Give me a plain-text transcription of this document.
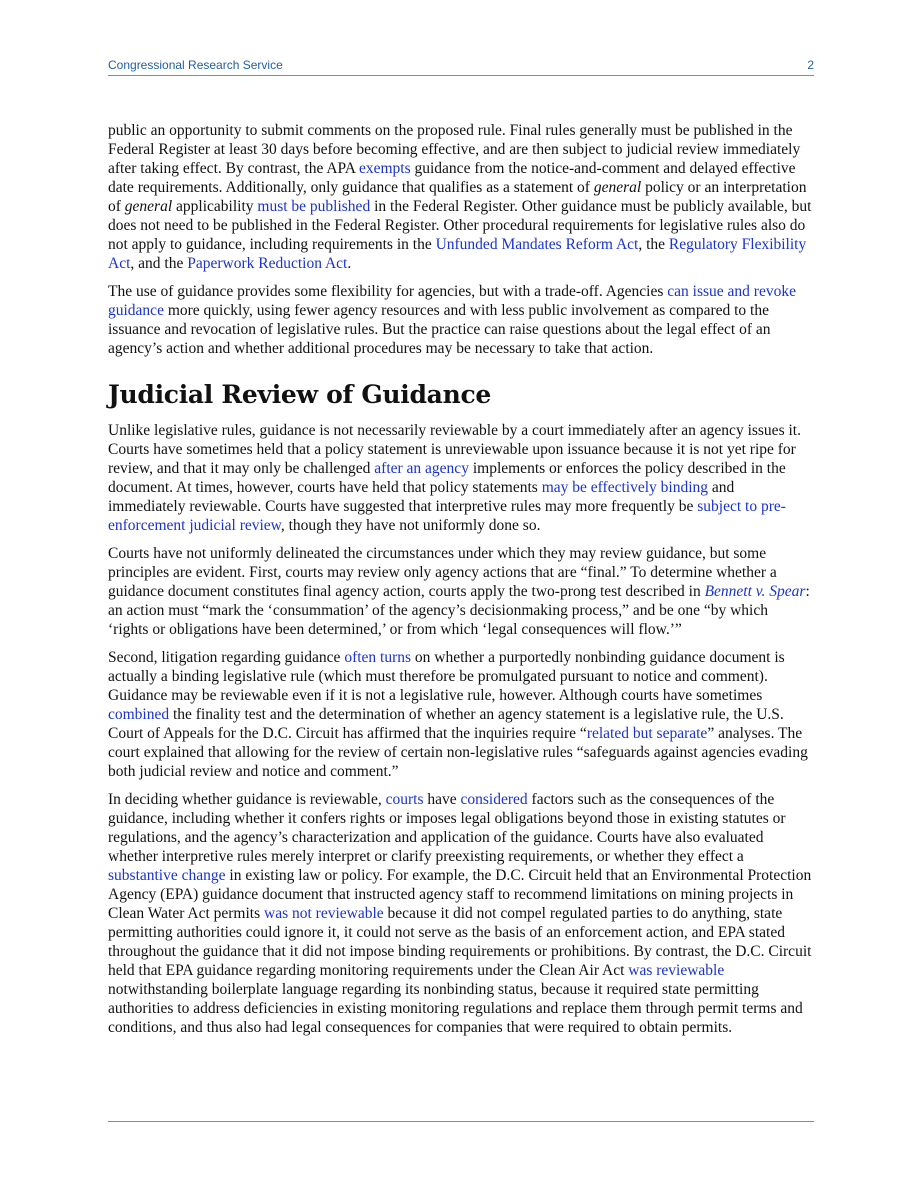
Congressional Research Service	2

public an opportunity to submit comments on the proposed rule. Final rules generally must be published in the Federal Register at least 30 days before becoming effective, and are then subject to judicial review immediately after taking effect. By contrast, the APA exempts guidance from the notice-and-comment and delayed effective date requirements. Additionally, only guidance that qualifies as a statement of general policy or an interpretation of general applicability must be published in the Federal Register. Other guidance must be publicly available, but does not need to be published in the Federal Register. Other procedural requirements for legislative rules also do not apply to guidance, including requirements in the Unfunded Mandates Reform Act, the Regulatory Flexibility Act, and the Paperwork Reduction Act.

The use of guidance provides some flexibility for agencies, but with a trade-off. Agencies can issue and revoke guidance more quickly, using fewer agency resources and with less public involvement as compared to the issuance and revocation of legislative rules. But the practice can raise questions about the legal effect of an agency’s action and whether additional procedures may be necessary to take that action.

Judicial Review of Guidance

Unlike legislative rules, guidance is not necessarily reviewable by a court immediately after an agency issues it. Courts have sometimes held that a policy statement is unreviewable upon issuance because it is not yet ripe for review, and that it may only be challenged after an agency implements or enforces the policy described in the document. At times, however, courts have held that policy statements may be effectively binding and immediately reviewable. Courts have suggested that interpretive rules may more frequently be subject to pre-enforcement judicial review, though they have not uniformly done so.

Courts have not uniformly delineated the circumstances under which they may review guidance, but some principles are evident. First, courts may review only agency actions that are “final.” To determine whether a guidance document constitutes final agency action, courts apply the two-prong test described in Bennett v. Spear: an action must “mark the ‘consummation’ of the agency’s decisionmaking process,” and be one “by which ‘rights or obligations have been determined,’ or from which ‘legal consequences will flow.’”

Second, litigation regarding guidance often turns on whether a purportedly nonbinding guidance document is actually a binding legislative rule (which must therefore be promulgated pursuant to notice and comment). Guidance may be reviewable even if it is not a legislative rule, however. Although courts have sometimes combined the finality test and the determination of whether an agency statement is a legislative rule, the U.S. Court of Appeals for the D.C. Circuit has affirmed that the inquiries require “related but separate” analyses. The court explained that allowing for the review of certain non-legislative rules “safeguards against agencies evading both judicial review and notice and comment.”

In deciding whether guidance is reviewable, courts have considered factors such as the consequences of the guidance, including whether it confers rights or imposes legal obligations beyond those in existing statutes or regulations, and the agency’s characterization and application of the guidance. Courts have also evaluated whether interpretive rules merely interpret or clarify preexisting requirements, or whether they effect a substantive change in existing law or policy. For example, the D.C. Circuit held that an Environmental Protection Agency (EPA) guidance document that instructed agency staff to recommend limitations on mining projects in Clean Water Act permits was not reviewable because it did not compel regulated parties to do anything, state permitting authorities could ignore it, it could not serve as the basis of an enforcement action, and EPA stated throughout the guidance that it did not impose binding requirements or prohibitions. By contrast, the D.C. Circuit held that EPA guidance regarding monitoring requirements under the Clean Air Act was reviewable notwithstanding boilerplate language regarding its nonbinding status, because it required state permitting authorities to address deficiencies in existing monitoring regulations and replace them through permit terms and conditions, and thus also had legal consequences for companies that were required to obtain permits.
